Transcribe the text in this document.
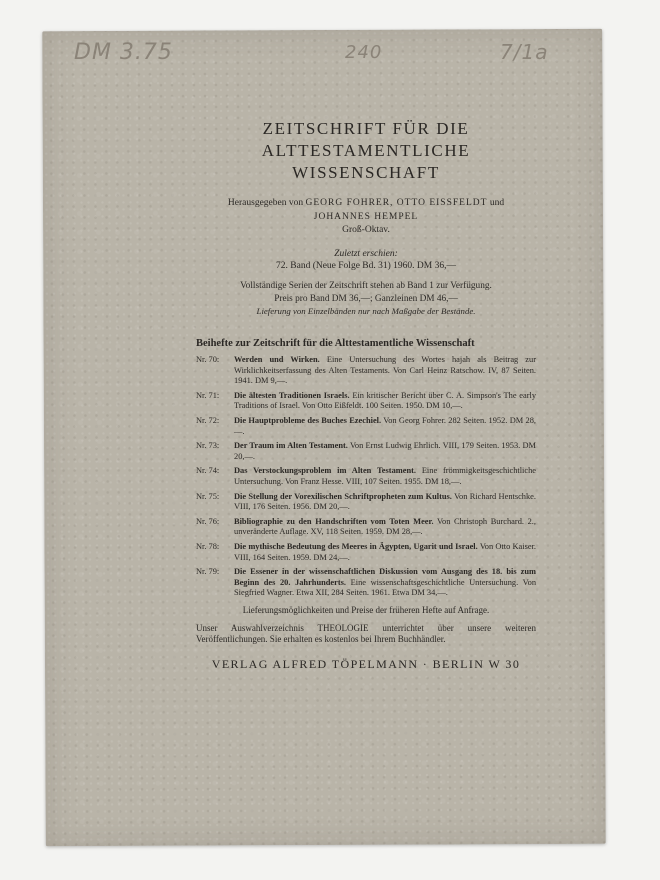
DM 3.75	240	7/1a
ZEITSCHRIFT FÜR DIE
ALTTESTAMENTLICHE WISSENSCHAFT
Herausgegeben von GEORG FOHRER, OTTO EISSFELDT und
JOHANNES HEMPEL
Groß-Oktav.
Zuletzt erschien:
72. Band (Neue Folge Bd. 31) 1960. DM 36,—
Vollständige Serien der Zeitschrift stehen ab Band 1 zur Verfügung.
Preis pro Band DM 36,—; Ganzleinen DM 46,—
Lieferung von Einzelbänden nur nach Maßgabe der Bestände.
Beihefte zur Zeitschrift für die Alttestamentliche Wissenschaft
Nr. 70:	Werden und Wirken. Eine Untersuchung des Wortes hajah als Beitrag zur Wirklichkeitserfassung des Alten Testaments. Von Carl Heinz Ratschow. IV, 87 Seiten. 1941. DM 9,—.
Nr. 71:	Die ältesten Traditionen Israels. Ein kritischer Bericht über C. A. Simpson's The early Traditions of Israel. Von Otto Eißfeldt. 100 Seiten. 1950. DM 10,—.
Nr. 72:	Die Hauptprobleme des Buches Ezechiel. Von Georg Fohrer. 282 Seiten. 1952. DM 28,—.
Nr. 73:	Der Traum im Alten Testament. Von Ernst Ludwig Ehrlich. VIII, 179 Seiten. 1953. DM 20,—.
Nr. 74:	Das Verstockungsproblem im Alten Testament. Eine frömmigkeitsgeschichtliche Untersuchung. Von Franz Hesse. VIII, 107 Seiten. 1955. DM 18,—.
Nr. 75:	Die Stellung der Vorexilischen Schriftpropheten zum Kultus. Von Richard Hentschke. VIII, 176 Seiten. 1956. DM 20,—.
Nr. 76:	Bibliographie zu den Handschriften vom Toten Meer. Von Christoph Burchard. 2., unveränderte Auflage. XV, 118 Seiten. 1959. DM 28,—.
Nr. 78:	Die mythische Bedeutung des Meeres in Ägypten, Ugarit und Israel. Von Otto Kaiser. VIII, 164 Seiten. 1959. DM 24,—.
Nr. 79:	Die Essener in der wissenschaftlichen Diskussion vom Ausgang des 18. bis zum Beginn des 20. Jahrhunderts. Eine wissenschaftsgeschichtliche Untersuchung. Von Siegfried Wagner. Etwa XII, 284 Seiten. 1961. Etwa DM 34,—.
Lieferungsmöglichkeiten und Preise der früheren Hefte auf Anfrage.
Unser Auswahlverzeichnis THEOLOGIE unterrichtet über unsere weiteren Veröffentlichungen. Sie erhalten es kostenlos bei Ihrem Buchhändler.
VERLAG ALFRED TÖPELMANN · BERLIN W 30
